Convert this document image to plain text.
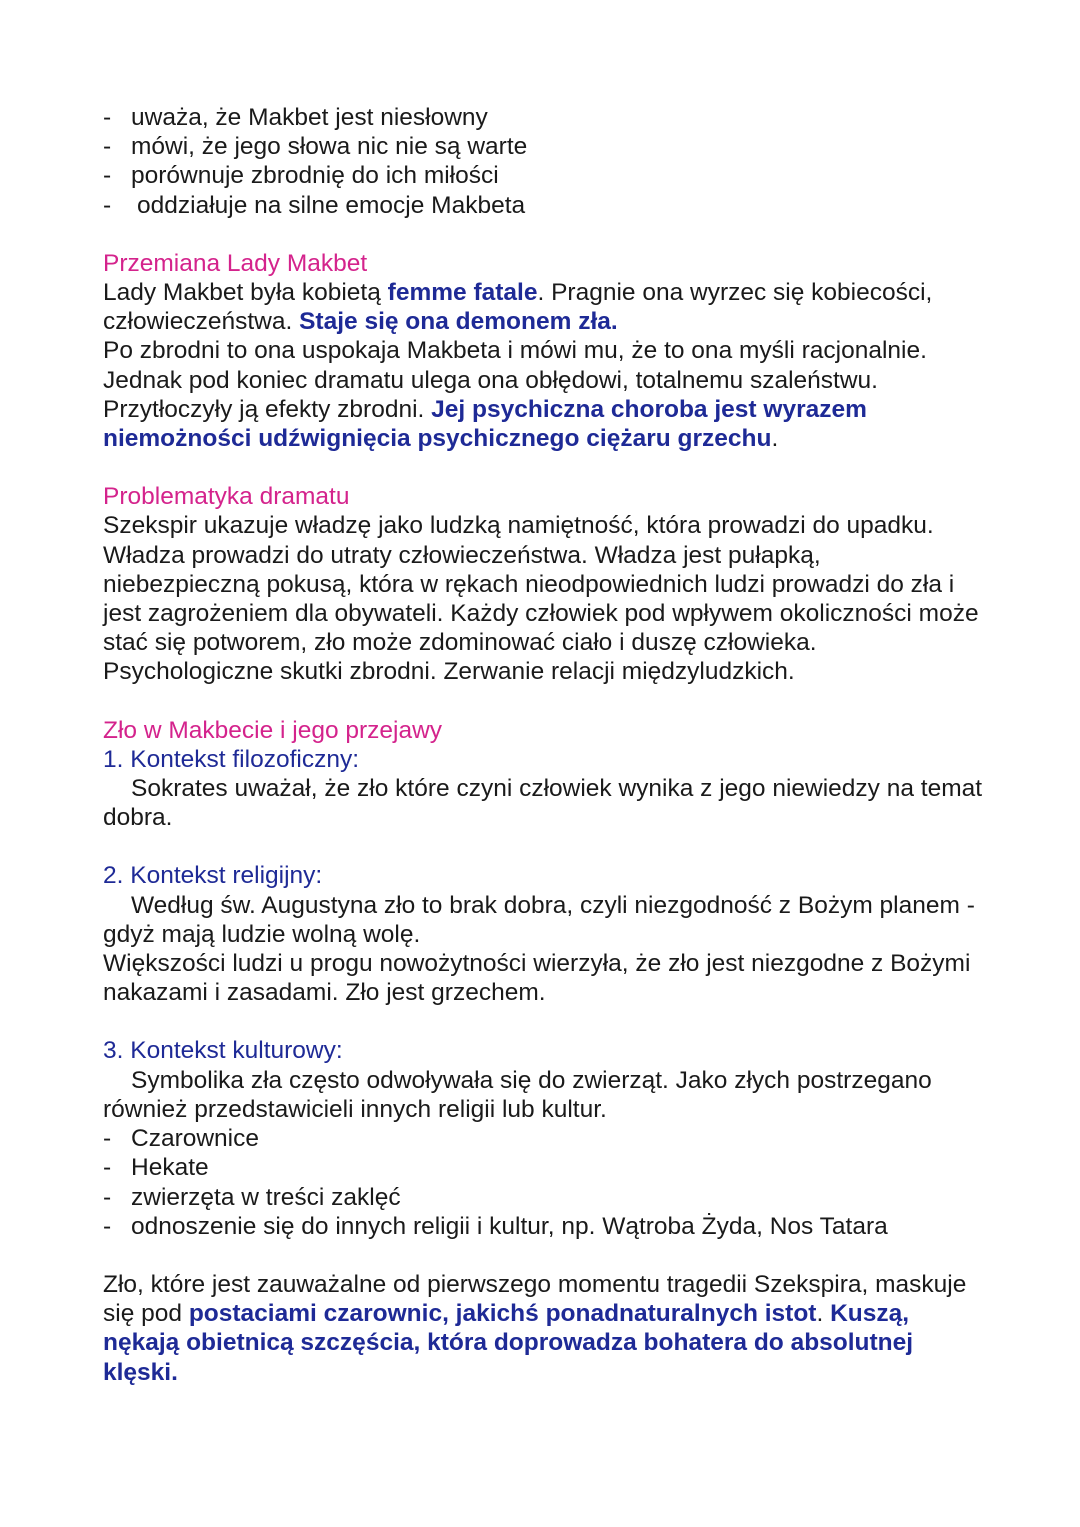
- uważa, że Makbet jest niesłowny
- mówi, że jego słowa nic nie są warte
- porównuje zbrodnię do ich miłości
- oddziałuje na silne emocje Makbeta
Przemiana Lady Makbet
Lady Makbet była kobietą femme fatale. Pragnie ona wyrzec się kobiecości, człowieczeństwa. Staje się ona demonem zła.
Po zbrodni to ona uspokaja Makbeta i mówi mu, że to ona myśli racjonalnie. Jednak pod koniec dramatu ulega ona obłędowi, totalnemu szaleństwu. Przytłoczyły ją efekty zbrodni. Jej psychiczna choroba jest wyrazem niemożności udźwignięcia psychicznego ciężaru grzechu.
Problematyka dramatu
Szekspir ukazuje władzę jako ludzką namiętność, która prowadzi do upadku. Władza prowadzi do utraty człowieczeństwa. Władza jest pułapką, niebezpieczną pokusą, która w rękach nieodpowiednich ludzi prowadzi do zła i jest zagrożeniem dla obywateli. Każdy człowiek pod wpływem okoliczności może stać się potworem, zło może zdominować ciało i duszę człowieka. Psychologiczne skutki zbrodni. Zerwanie relacji międzyludzkich.
Zło w Makbecie i jego przejawy
1. Kontekst filozoficzny:
Sokrates uważał, że zło które czyni człowiek wynika z jego niewiedzy na temat dobra.
2. Kontekst religijny:
Według św. Augustyna zło to brak dobra, czyli niezgodność z Bożym planem - gdyż mają ludzie wolną wolę.
Większości ludzi u progu nowożytności wierzyła, że zło jest niezgodne z Bożymi nakazami i zasadami. Zło jest grzechem.
3. Kontekst kulturowy:
Symbolika zła często odwoływała się do zwierząt. Jako złych postrzegano również przedstawicieli innych religii lub kultur.
- Czarownice
- Hekate
- zwierzęta w treści zaklęć
- odnoszenie się do innych religii i kultur, np. Wątroba Żyda, Nos Tatara
Zło, które jest zauważalne od pierwszego momentu tragedii Szekspira, maskuje się pod postaciami czarownic, jakichś ponadnaturalnych istot. Kuszą, nękają obietnicą szczęścia, która doprowadza bohatera do absolutnej klęski.
